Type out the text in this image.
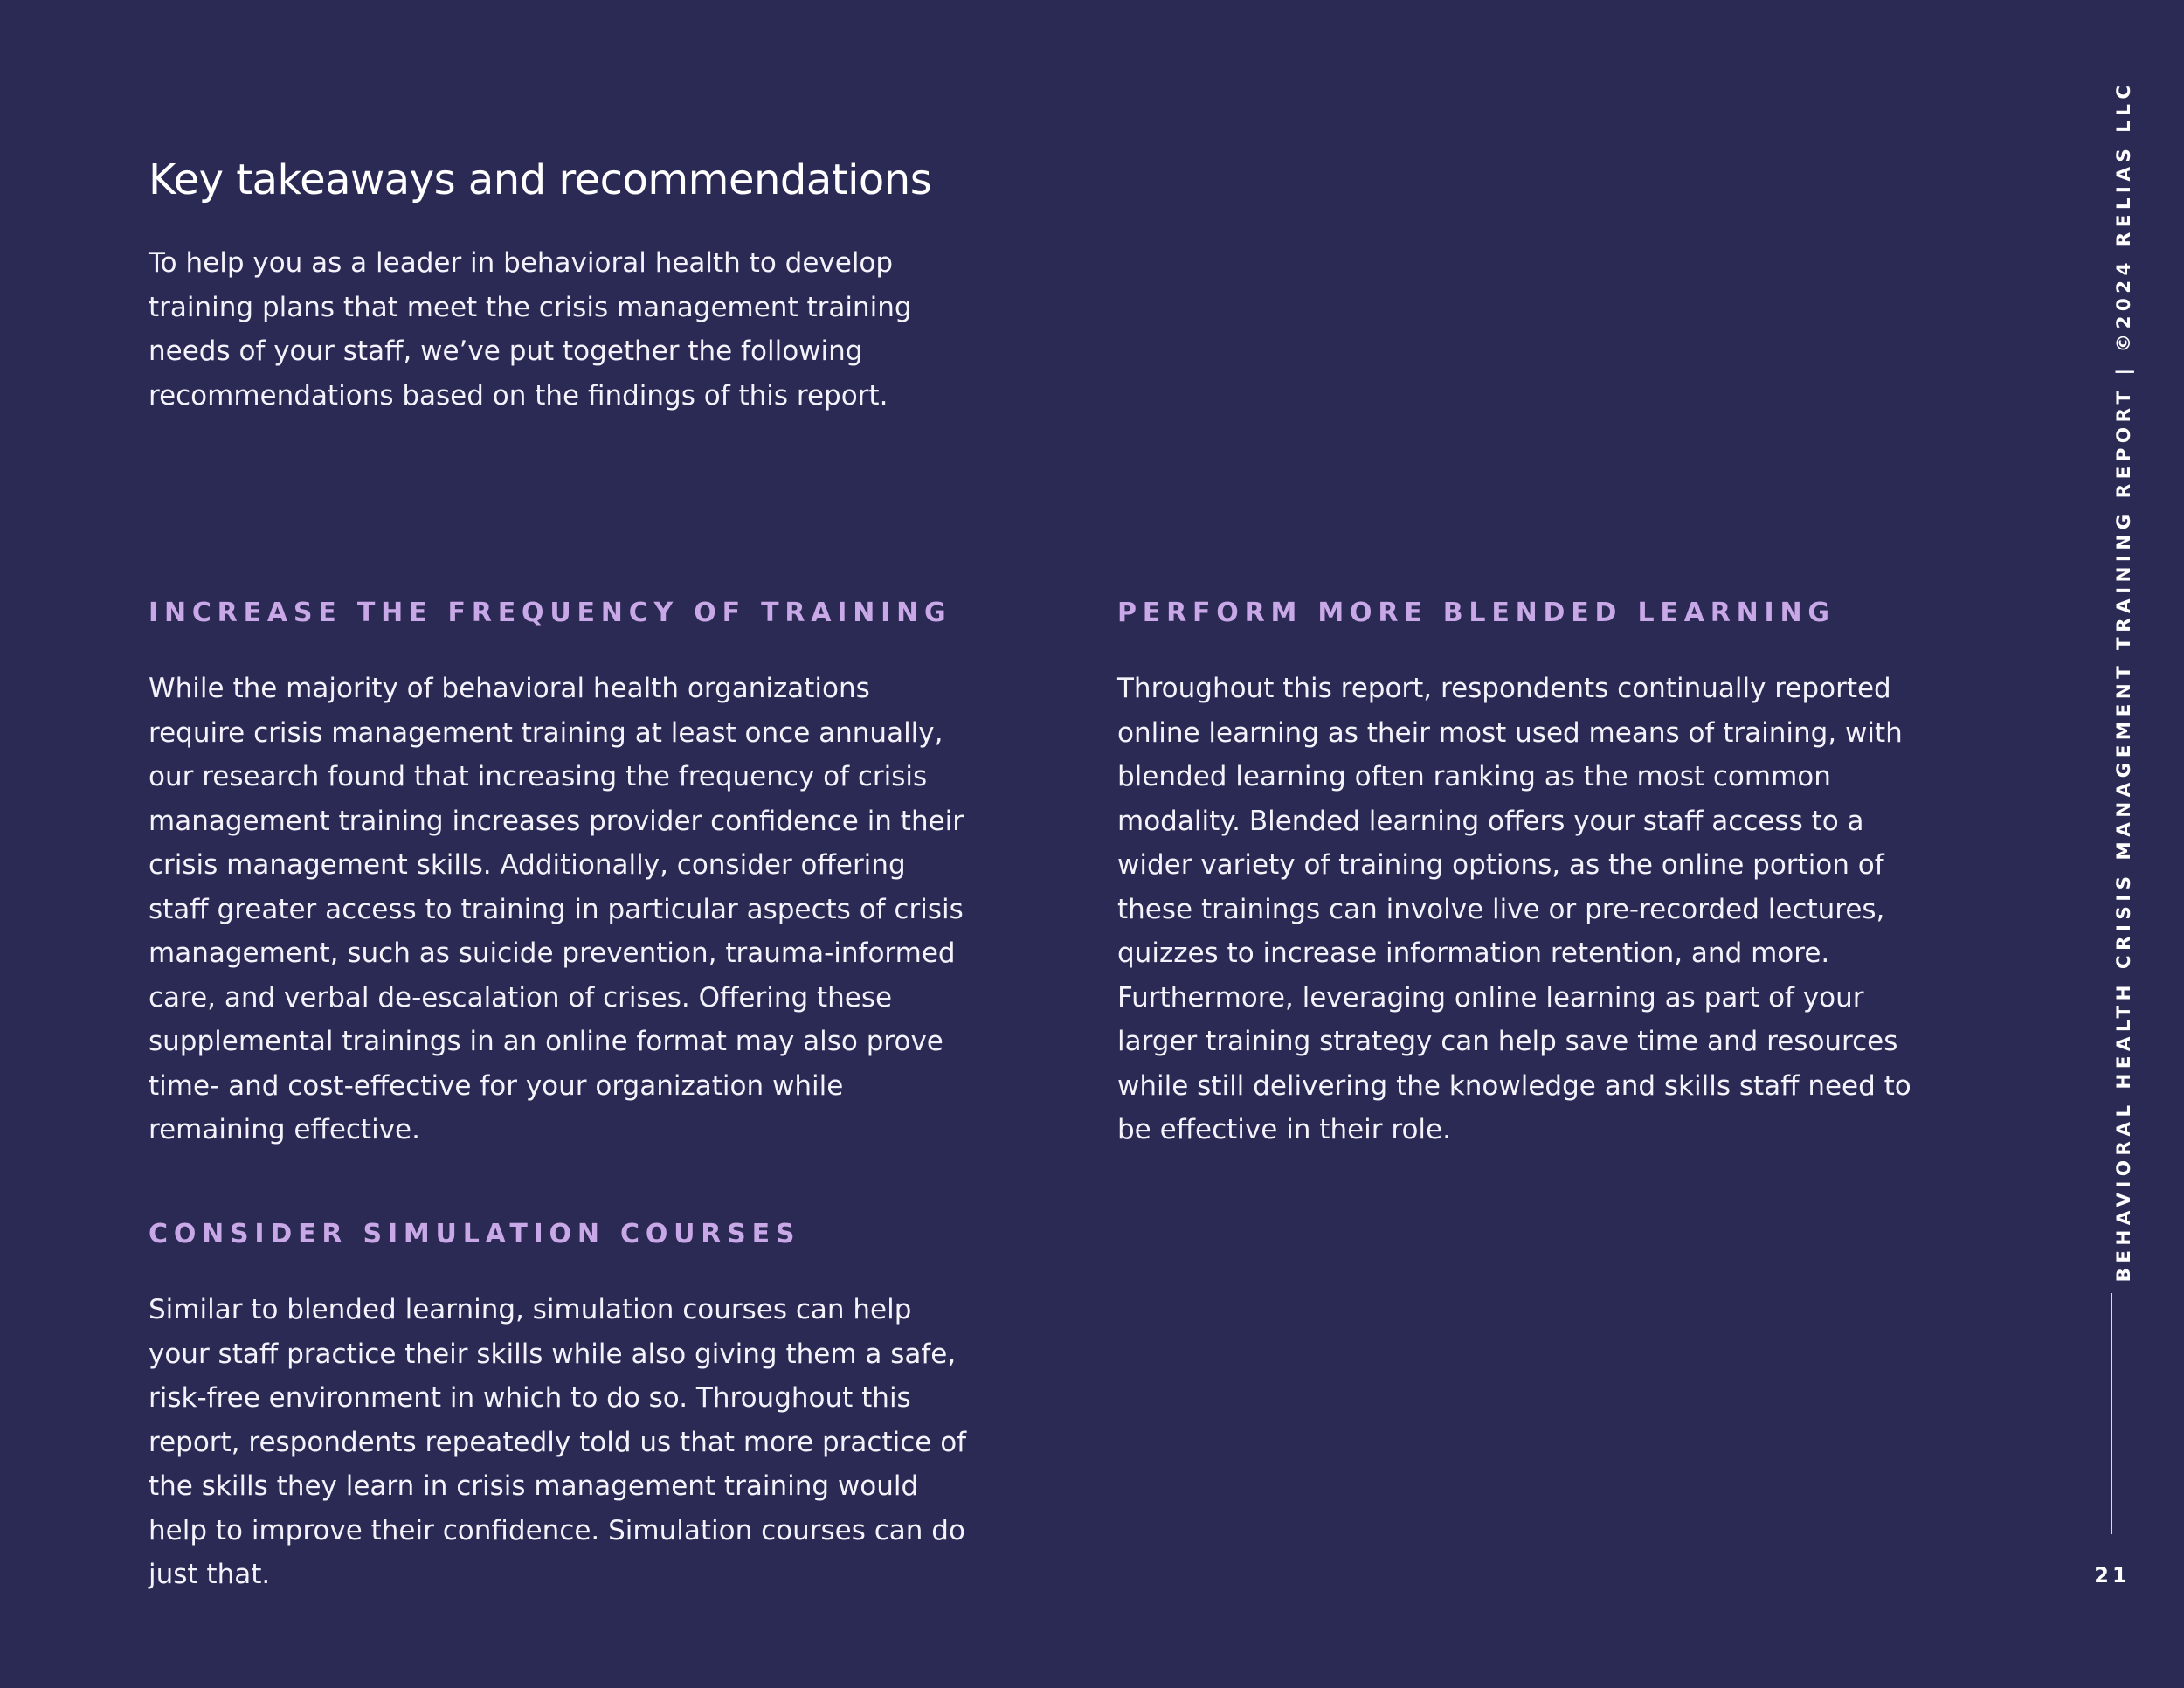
Key takeaways and recommendations

To help you as a leader in behavioral health to develop training plans that meet the crisis management training needs of your staff, we’ve put together the following recommendations based on the findings of this report.

INCREASE THE FREQUENCY OF TRAINING

While the majority of behavioral health organizations require crisis management training at least once annually, our research found that increasing the frequency of crisis management training increases provider confidence in their crisis management skills. Additionally, consider offering staff greater access to training in particular aspects of crisis management, such as suicide prevention, trauma-informed care, and verbal de-escalation of crises. Offering these supplemental trainings in an online format may also prove time- and cost-effective for your organization while remaining effective.

PERFORM MORE BLENDED LEARNING

Throughout this report, respondents continually reported online learning as their most used means of training, with blended learning often ranking as the most common modality. Blended learning offers your staff access to a wider variety of training options, as the online portion of these trainings can involve live or pre-recorded lectures, quizzes to increase information retention, and more. Furthermore, leveraging online learning as part of your larger training strategy can help save time and resources while still delivering the knowledge and skills staff need to be effective in their role.

CONSIDER SIMULATION COURSES

Similar to blended learning, simulation courses can help your staff practice their skills while also giving them a safe, risk-free environment in which to do so. Throughout this report, respondents repeatedly told us that more practice of the skills they learn in crisis management training would help to improve their confidence. Simulation courses can do just that.

BEHAVIORAL HEALTH CRISIS MANAGEMENT TRAINING REPORT | ©2024 RELIAS LLC
21
